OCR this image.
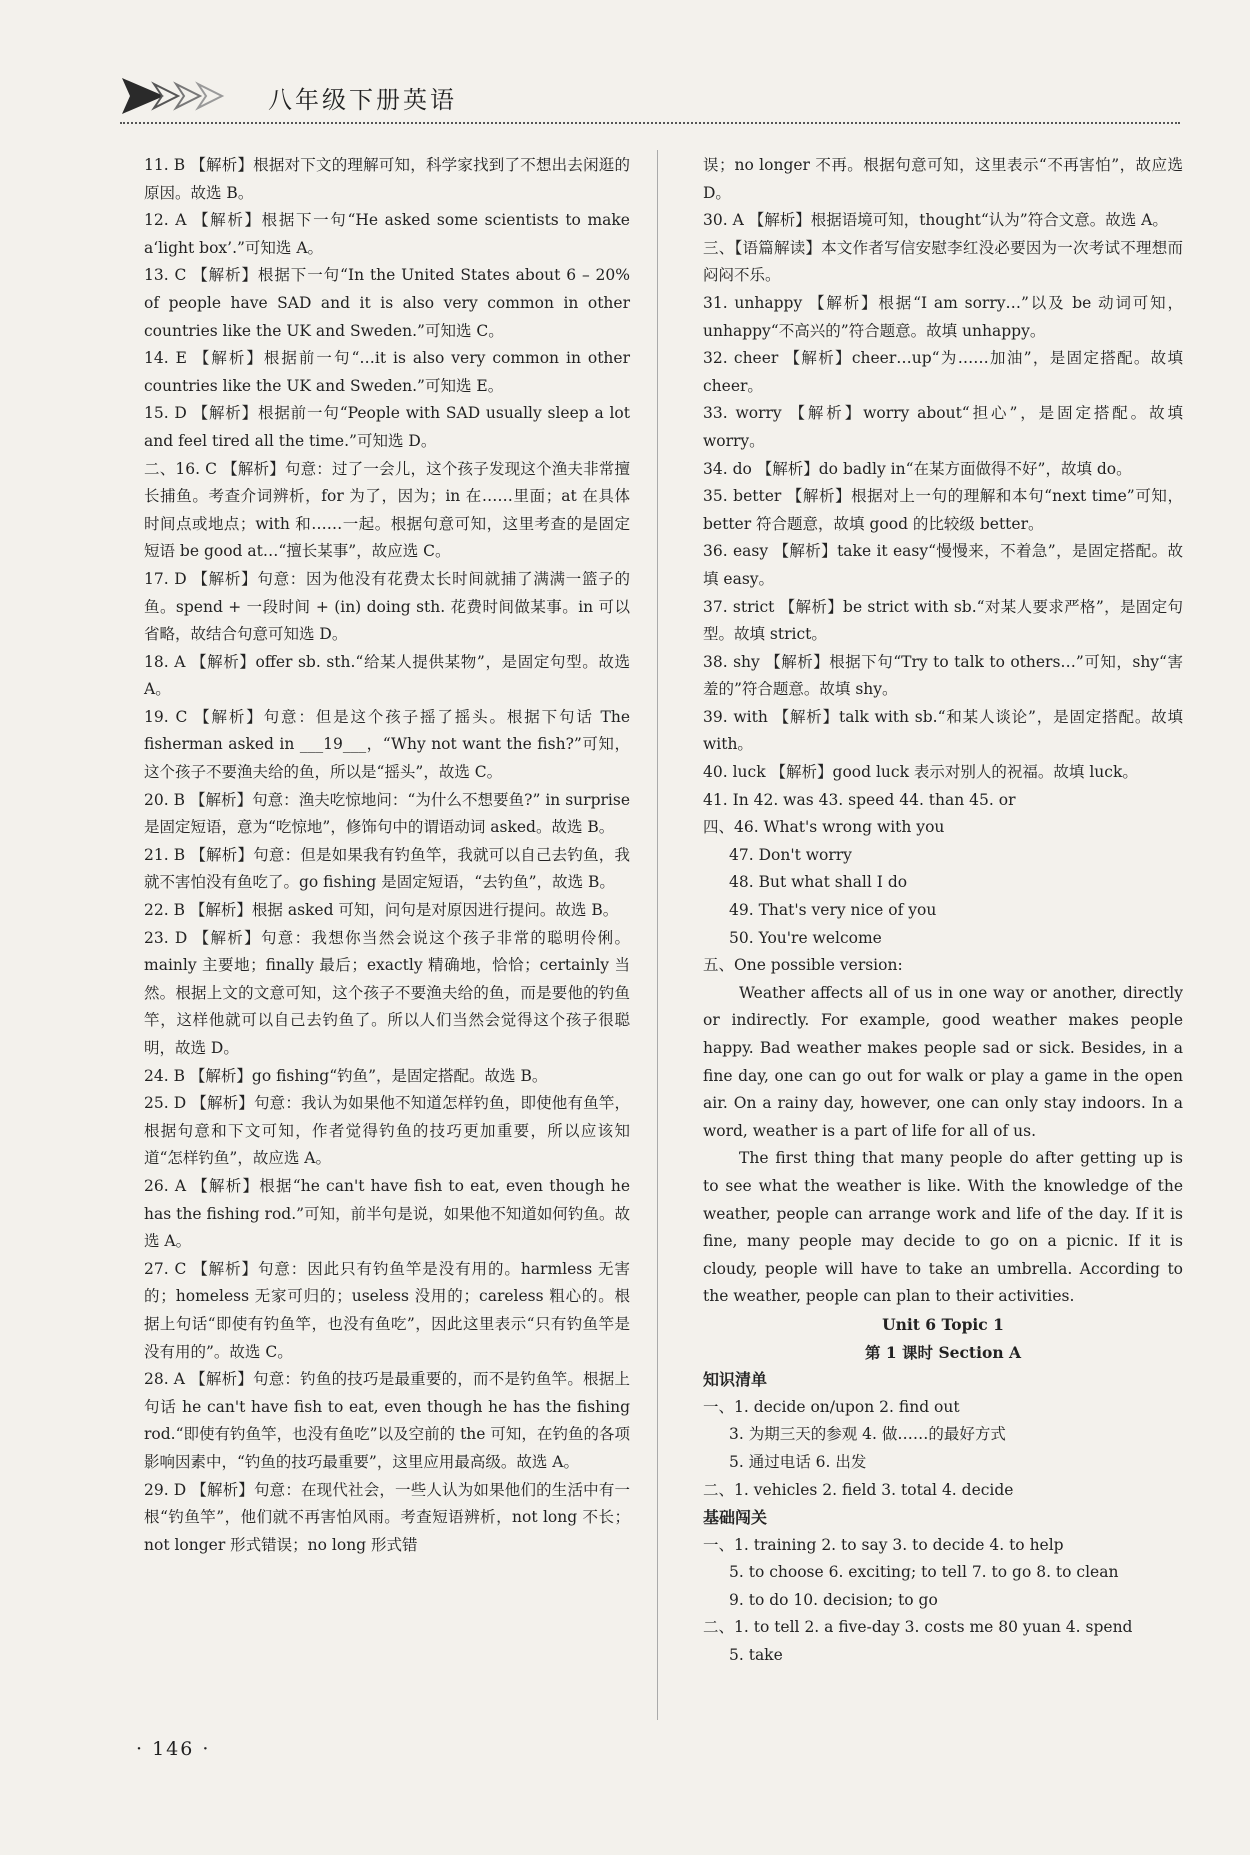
八年级下册英语

11. B 【解析】根据对下文的理解可知，科学家找到了不想出去闲逛的原因。故选 B。

12. A 【解析】根据下一句“He asked some scientists to make a‘light box’.”可知选 A。

13. C 【解析】根据下一句“In the United States about 6 – 20% of people have SAD and it is also very common in other countries like the UK and Sweden.”可知选 C。

14. E 【解析】根据前一句“…it is also very common in other countries like the UK and Sweden.”可知选 E。

15. D 【解析】根据前一句“People with SAD usually sleep a lot and feel tired all the time.”可知选 D。

二、16. C 【解析】句意：过了一会儿，这个孩子发现这个渔夫非常擅长捕鱼。考查介词辨析，for 为了，因为；in 在……里面；at 在具体时间点或地点；with 和……一起。根据句意可知，这里考查的是固定短语 be good at…“擅长某事”，故应选 C。

17. D 【解析】句意：因为他没有花费太长时间就捕了满满一篮子的鱼。spend + 一段时间 + (in) doing sth. 花费时间做某事。in 可以省略，故结合句意可知选 D。

18. A 【解析】offer sb. sth.“给某人提供某物”，是固定句型。故选 A。

19. C 【解析】句意：但是这个孩子摇了摇头。根据下句话 The fisherman asked in ___19___，“Why not want the fish?”可知，这个孩子不要渔夫给的鱼，所以是“摇头”，故选 C。

20. B 【解析】句意：渔夫吃惊地问：“为什么不想要鱼?” in surprise 是固定短语，意为“吃惊地”，修饰句中的谓语动词 asked。故选 B。

21. B 【解析】句意：但是如果我有钓鱼竿，我就可以自己去钓鱼，我就不害怕没有鱼吃了。go fishing 是固定短语，“去钓鱼”，故选 B。

22. B 【解析】根据 asked 可知，问句是对原因进行提问。故选 B。

23. D 【解析】句意：我想你当然会说这个孩子非常的聪明伶俐。mainly 主要地；finally 最后；exactly 精确地，恰恰；certainly 当然。根据上文的文意可知，这个孩子不要渔夫给的鱼，而是要他的钓鱼竿，这样他就可以自己去钓鱼了。所以人们当然会觉得这个孩子很聪明，故选 D。

24. B 【解析】go fishing“钓鱼”，是固定搭配。故选 B。

25. D 【解析】句意：我认为如果他不知道怎样钓鱼，即使他有鱼竿，根据句意和下文可知，作者觉得钓鱼的技巧更加重要，所以应该知道“怎样钓鱼”，故应选 A。

26. A 【解析】根据“he can't have fish to eat, even though he has the fishing rod.”可知，前半句是说，如果他不知道如何钓鱼。故选 A。

27. C 【解析】句意：因此只有钓鱼竿是没有用的。harmless 无害的；homeless 无家可归的；useless 没用的；careless 粗心的。根据上句话“即使有钓鱼竿，也没有鱼吃”，因此这里表示“只有钓鱼竿是没有用的”。故选 C。

28. A 【解析】句意：钓鱼的技巧是最重要的，而不是钓鱼竿。根据上句话 he can't have fish to eat, even though he has the fishing rod.“即使有钓鱼竿，也没有鱼吃”以及空前的 the 可知，在钓鱼的各项影响因素中，“钓鱼的技巧最重要”，这里应用最高级。故选 A。

29. D 【解析】句意：在现代社会，一些人认为如果他们的生活中有一根“钓鱼竿”，他们就不再害怕风雨。考查短语辨析，not long 不长；not longer 形式错误；no long 形式错

误；no longer 不再。根据句意可知，这里表示“不再害怕”，故应选 D。

30. A 【解析】根据语境可知，thought“认为”符合文意。故选 A。

三、【语篇解读】本文作者写信安慰李红没必要因为一次考试不理想而闷闷不乐。

31. unhappy 【解析】根据“I am sorry…”以及 be 动词可知，unhappy“不高兴的”符合题意。故填 unhappy。

32. cheer 【解析】cheer…up“为……加油”，是固定搭配。故填 cheer。

33. worry 【解析】worry about“担心”，是固定搭配。故填 worry。

34. do 【解析】do badly in“在某方面做得不好”，故填 do。

35. better 【解析】根据对上一句的理解和本句“next time”可知，better 符合题意，故填 good 的比较级 better。

36. easy 【解析】take it easy“慢慢来，不着急”，是固定搭配。故填 easy。

37. strict 【解析】be strict with sb.“对某人要求严格”，是固定句型。故填 strict。

38. shy 【解析】根据下句“Try to talk to others…”可知，shy“害羞的”符合题意。故填 shy。

39. with 【解析】talk with sb.“和某人谈论”，是固定搭配。故填 with。

40. luck 【解析】good luck 表示对别人的祝福。故填 luck。

41. In 42. was 43. speed 44. than 45. or

四、46. What's wrong with you

47. Don't worry

48. But what shall I do

49. That's very nice of you

50. You're welcome

五、One possible version:

Weather affects all of us in one way or another, directly or indirectly. For example, good weather makes people happy. Bad weather makes people sad or sick. Besides, in a fine day, one can go out for walk or play a game in the open air. On a rainy day, however, one can only stay indoors. In a word, weather is a part of life for all of us.

The first thing that many people do after getting up is to see what the weather is like. With the knowledge of the weather, people can arrange work and life of the day. If it is fine, many people may decide to go on a picnic. If it is cloudy, people will have to take an umbrella. According to the weather, people can plan to their activities.

Unit 6 Topic 1

第 1 课时 Section A

知识清单

一、1. decide on/upon 2. find out

3. 为期三天的参观 4. 做……的最好方式

5. 通过电话 6. 出发

二、1. vehicles 2. field 3. total 4. decide

基础闯关

一、1. training 2. to say 3. to decide 4. to help

5. to choose 6. exciting; to tell 7. to go 8. to clean

9. to do 10. decision; to go

二、1. to tell 2. a five-day 3. costs me 80 yuan 4. spend

5. take

· 146 ·
